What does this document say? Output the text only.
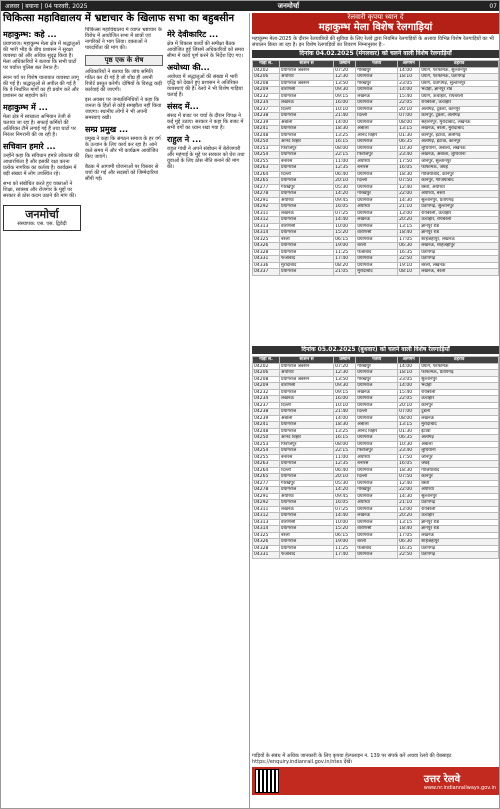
अलवर | बयाना | 04 फरवरी, 2025	जनमोर्चा	07
चिकित्सा महाविद्यालय में भ्रष्टाचार के खिलाफ सभा का बहुबसीन
महाकुम्भ: कहे ...
प्रयागराज। महाकुम्भ मेला क्षेत्र में श्रद्धालुओं की भारी भीड़ के बीच प्रशासन ने सुरक्षा व्यवस्था को और अधिक सुदृढ़ किया है। मेला अधिकारियों ने बताया कि सभी घाटों पर पर्याप्त पुलिस बल तैनात है।
स्नान पर्व पर विशेष यातायात व्यवस्था लागू की गई है। श्रद्धालुओं से अपील की गई है कि वे निर्धारित मार्गों का ही प्रयोग करें और प्रशासन का सहयोग करें।
महाकुम्भ में ...
मेला क्षेत्र में स्वच्छता अभियान तेजी से चलाया जा रहा है। सफाई कर्मियों की अतिरिक्त टीमें लगाई गई हैं तथा घाटों पर निरंतर निगरानी की जा रही है।
सचिवान हमारे ...
उन्होंने कहा कि संविधान हमारे लोकतंत्र की आधारशिला है और इसकी रक्षा करना प्रत्येक नागरिक का कर्तव्य है। कार्यक्रम में बड़ी संख्या में लोग उपस्थित रहे।
सभा को संबोधित करते हुए वक्ताओं ने शिक्षा, स्वास्थ्य और रोजगार के मुद्दों पर सरकार से ठोस कदम उठाने की मांग की।
जनमोर्चा
संस्थापक: एस. एस. द्विवेदी
चिकित्सा महाविद्यालय में व्याप्त भ्रष्टाचार के विरोध में आयोजित सभा में छात्रों एवं नागरिकों ने भाग लिया। वक्ताओं ने पारदर्शिता की मांग की।
पृष्ठ एक के शेष
अधिकारियों ने बताया कि जांच समिति गठित कर दी गई है जो शीघ्र ही अपनी रिपोर्ट प्रस्तुत करेगी। दोषियों के विरुद्ध कड़ी कार्रवाई की जाएगी।
इस अवसर पर जनप्रतिनिधियों ने कहा कि जनता के हितों से कोई समझौता नहीं किया जाएगा। स्थानीय लोगों ने भी अपनी समस्याएं रखीं।
सम्प्र प्रमुख ...
प्रमुख ने कहा कि संगठन समाज के हर वर्ग के उत्थान के लिए कार्य कर रहा है। आने वाले समय में और भी कार्यक्रम आयोजित किए जाएंगे।
बैठक में आगामी योजनाओं पर विस्तार से चर्चा की गई और सदस्यों को जिम्मेदारियां सौंपी गईं।
मेरे देवीकारिट ...
क्षेत्र में विकास कार्यों की समीक्षा बैठक आयोजित हुई जिसमें अधिकारियों को समय सीमा में कार्य पूर्ण करने के निर्देश दिए गए।
अयोध्या की...
अयोध्या में श्रद्धालुओं की संख्या में भारी वृद्धि को देखते हुए प्रशासन ने अतिरिक्त व्यवस्थाएं की हैं। रेलवे ने भी विशेष गाड़ियां चलाई हैं।
संसद में...
संसद में बजट पर चर्चा के दौरान विपक्ष ने कई मुद्दे उठाए। सरकार ने कहा कि बजट में सभी वर्गों का ध्यान रखा गया है।
राहुल ने ...
राहुल गांधी ने अपने संबोधन में बेरोजगारी और महंगाई के मुद्दे पर सरकार को घेरा तथा युवाओं के लिए ठोस नीति बनाने की मांग की।
रेलवारी कृपया ध्यान दें
महाकुम्भ मेला विशेष रेलगाड़ियां
महाकुम्भ मेला-2025 के दौरान रेलयात्रियों की सुविधा के लिए रेलवे द्वारा नियमित रेलगाड़ियों के अलावा विभिन्न विशेष रेलगाड़ियों का भी संचालन किया जा रहा है। इन विशेष रेलगाड़ियों का विवरण निम्नानुसार है:-
दिनांक 04.02.2025 (मंगलवार) को चलने वाली विशेष रेलगाड़ियाँ
गाड़ी सं.	स्टेशन से	प्रस्थान	गंतव्य	आगमन	ठहराव
04202	प्रयागराज जंक्शन	07:20	गोरखपुर	14:00	प्रयाग, फाफामऊ, सुल्तानपुर
04206	अयोध्या	12:30	प्रयागराज	18:10	प्रयाग, फाफामऊ, प्रतापगढ़
04208	प्रयागराज जंक्शन	13:50	गोरखपुर	23:05	प्रयाग, प्रतापगढ़, सुल्तानपुर
04209	वाराणसी	09:30	प्रयागराज	14:00	भदोही, ज्ञानपुर रोड
04232	प्रयागराज	09:15	लखनऊ	15:40	प्रयाग, ऊंचाहार, रायबरेली
04234	लखनऊ	16:00	प्रयागराज	22:05	रायबरेली, ऊंचाहार
04237	दिल्ली	10:10	प्रयागराज	20:10	अलीगढ़, टूंडला, कानपुर
04238	प्रयागराज	21:40	दिल्ली	07:00	कानपुर, टूंडला, अलीगढ़
04239	अंबाला	14:00	प्रयागराज	08:00	सहारनपुर, मुरादाबाद, लखनऊ
04241	प्रयागराज	18:30	अंबाला	13:15	लखनऊ, बरेली, मुरादाबाद
04248	प्रयागराज	13:25	आनंद विहार	01:30	कानपुर, इटावा, अलीगढ़
04250	आनंद विहार	16:15	प्रयागराज	06:35	अलीगढ़, इटावा, कानपुर
04253	फिरोजपुर	08:00	प्रयागराज	10:30	लुधियाना, अंबाला, लखनऊ
04254	प्रयागराज	22:15	फिरोजपुर	23:40	लखनऊ, अंबाला, लुधियाना
04255	बनारस	11:00	अयोध्या	17:50	जौनपुर, सुल्तानपुर
04263	प्रयागराज	12:35	बनारस	16:05	फाफामऊ, जंघई
04264	दिल्ली	06:40	प्रयागराज	18:30	गाजियाबाद, कानपुर
04265	प्रयागराज	20:10	दिल्ली	07:50	कानपुर, गाजियाबाद
04277	गोरखपुर	05:30	प्रयागराज	12:40	बस्ती, अयोध्या
04278	प्रयागराज	14:20	गोरखपुर	22:00	अयोध्या, बस्ती
04291	अयोध्या	09:45	प्रयागराज	14:30	सुल्तानपुर, प्रतापगढ़
04292	प्रयागराज	16:05	अयोध्या	21:10	प्रतापगढ़, सुल्तानपुर
04311	लखनऊ	07:25	प्रयागराज	13:00	रायबरेली, ऊंचाहार
04312	प्रयागराज	14:40	लखनऊ	20:20	ऊंचाहार, रायबरेली
04313	वाराणसी	10:00	प्रयागराज	13:15	ज्ञानपुर रोड
04314	प्रयागराज	15:20	वाराणसी	18:40	ज्ञानपुर रोड
04325	बरेली	06:15	प्रयागराज	17:05	शाहजहांपुर, लखनऊ
04326	प्रयागराज	19:00	बरेली	06:30	लखनऊ, शाहजहांपुर
04328	प्रयागराज	11:25	फैजाबाद	16:35	प्रतापगढ़
04331	फैजाबाद	17:40	प्रयागराज	22:50	प्रतापगढ़
04336	मुरादाबाद	08:20	प्रयागराज	19:10	बरेली, लखनऊ
04337	प्रयागराज	21:05	मुरादाबाद	08:10	लखनऊ, बरेली
दिनांक 05.02.2025 (बुधवार) को चलने वाली विशेष रेलगाड़ियाँ
गाड़ी सं.	स्टेशन से	प्रस्थान	गंतव्य	आगमन	ठहराव
04202	प्रयागराज जंक्शन	07:20	गोरखपुर	14:00	प्रयाग, फाफामऊ
04206	अयोध्या	12:30	प्रयागराज	18:10	फाफामऊ, प्रतापगढ़
04208	प्रयागराज जंक्शन	13:50	गोरखपुर	23:05	सुल्तानपुर
04209	वाराणसी	09:30	प्रयागराज	14:00	भदोही
04232	प्रयागराज	09:15	लखनऊ	15:40	रायबरेली
04234	लखनऊ	16:00	प्रयागराज	22:05	ऊंचाहार
04237	दिल्ली	10:10	प्रयागराज	20:10	कानपुर
04238	प्रयागराज	21:40	दिल्ली	07:00	टूंडला
04239	अंबाला	14:00	प्रयागराज	08:00	लखनऊ
04241	प्रयागराज	18:30	अंबाला	13:15	मुरादाबाद
04248	प्रयागराज	13:25	आनंद विहार	01:30	इटावा
04250	आनंद विहार	16:15	प्रयागराज	06:35	अलीगढ़
04253	फिरोजपुर	08:00	प्रयागराज	10:30	अंबाला
04254	प्रयागराज	22:15	फिरोजपुर	23:40	लुधियाना
04255	बनारस	11:00	अयोध्या	17:50	जौनपुर
04263	प्रयागराज	12:35	बनारस	16:05	जंघई
04264	दिल्ली	06:40	प्रयागराज	18:30	गाजियाबाद
04265	प्रयागराज	20:10	दिल्ली	07:50	कानपुर
04277	गोरखपुर	05:30	प्रयागराज	12:40	बस्ती
04278	प्रयागराज	14:20	गोरखपुर	22:00	अयोध्या
04291	अयोध्या	09:45	प्रयागराज	14:30	सुल्तानपुर
04292	प्रयागराज	16:05	अयोध्या	21:10	प्रतापगढ़
04311	लखनऊ	07:25	प्रयागराज	13:00	रायबरेली
04312	प्रयागराज	14:40	लखनऊ	20:20	ऊंचाहार
04313	वाराणसी	10:00	प्रयागराज	13:15	ज्ञानपुर रोड
04314	प्रयागराज	15:20	वाराणसी	18:40	ज्ञानपुर रोड
04325	बरेली	06:15	प्रयागराज	17:05	लखनऊ
04326	प्रयागराज	19:00	बरेली	06:30	शाहजहांपुर
04328	प्रयागराज	11:25	फैजाबाद	16:35	प्रतापगढ़
04331	फैजाबाद	17:40	प्रयागराज	22:50	प्रतापगढ़
गाड़ियों के संबंध में अधिक जानकारी के लिए कृपया हेल्पलाइन नं. 139 पर संपर्क करें अथवा रेलवे की वेबसाइट https://enquiry.indianrail.gov.in/ntes देखें।
उत्तर रेलवे
www.nr.indianrailways.gov.in
